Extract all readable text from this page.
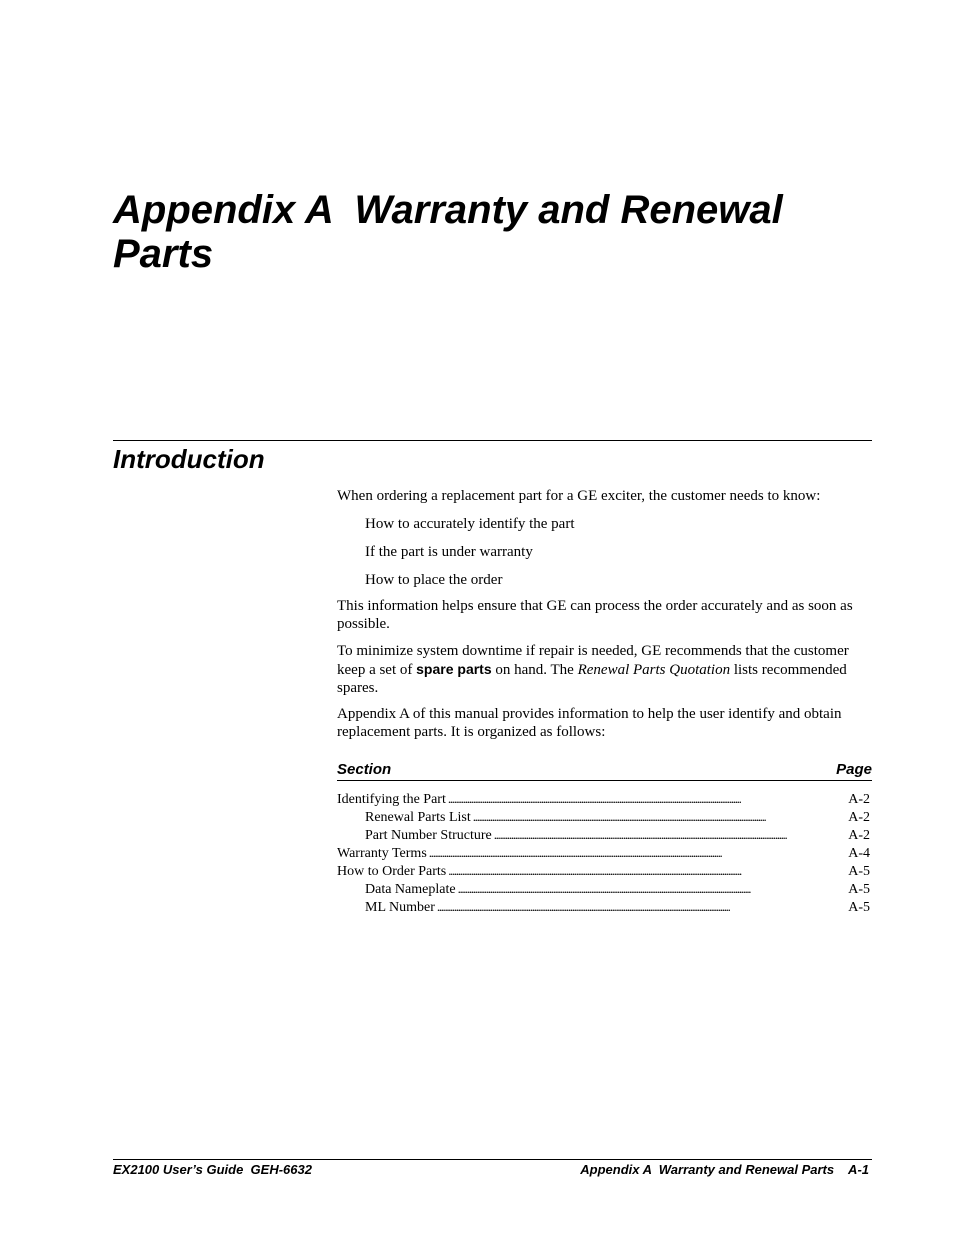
Appendix A  Warranty and Renewal Parts
Introduction

When ordering a replacement part for a GE exciter, the customer needs to know:

How to accurately identify the part

If the part is under warranty

How to place the order

This information helps ensure that GE can process the order accurately and as soon as possible.

To minimize system downtime if repair is needed, GE recommends that the customer keep a set of spare parts on hand. The Renewal Parts Quotation lists recommended spares.

Appendix A of this manual provides information to help the user identify and obtain replacement parts. It is organized as follows:

Section	Page
Identifying the Part . . .	A-2
Renewal Parts List . . .	A-2
Part Number Structure . . .	A-2
Warranty Terms . . .	A-4
How to Order Parts . . .	A-5
Data Nameplate . . .	A-5
ML Number . . .	A-5
EX2100 User’s Guide  GEH-6632	Appendix A  Warranty and Renewal Parts    A-1
